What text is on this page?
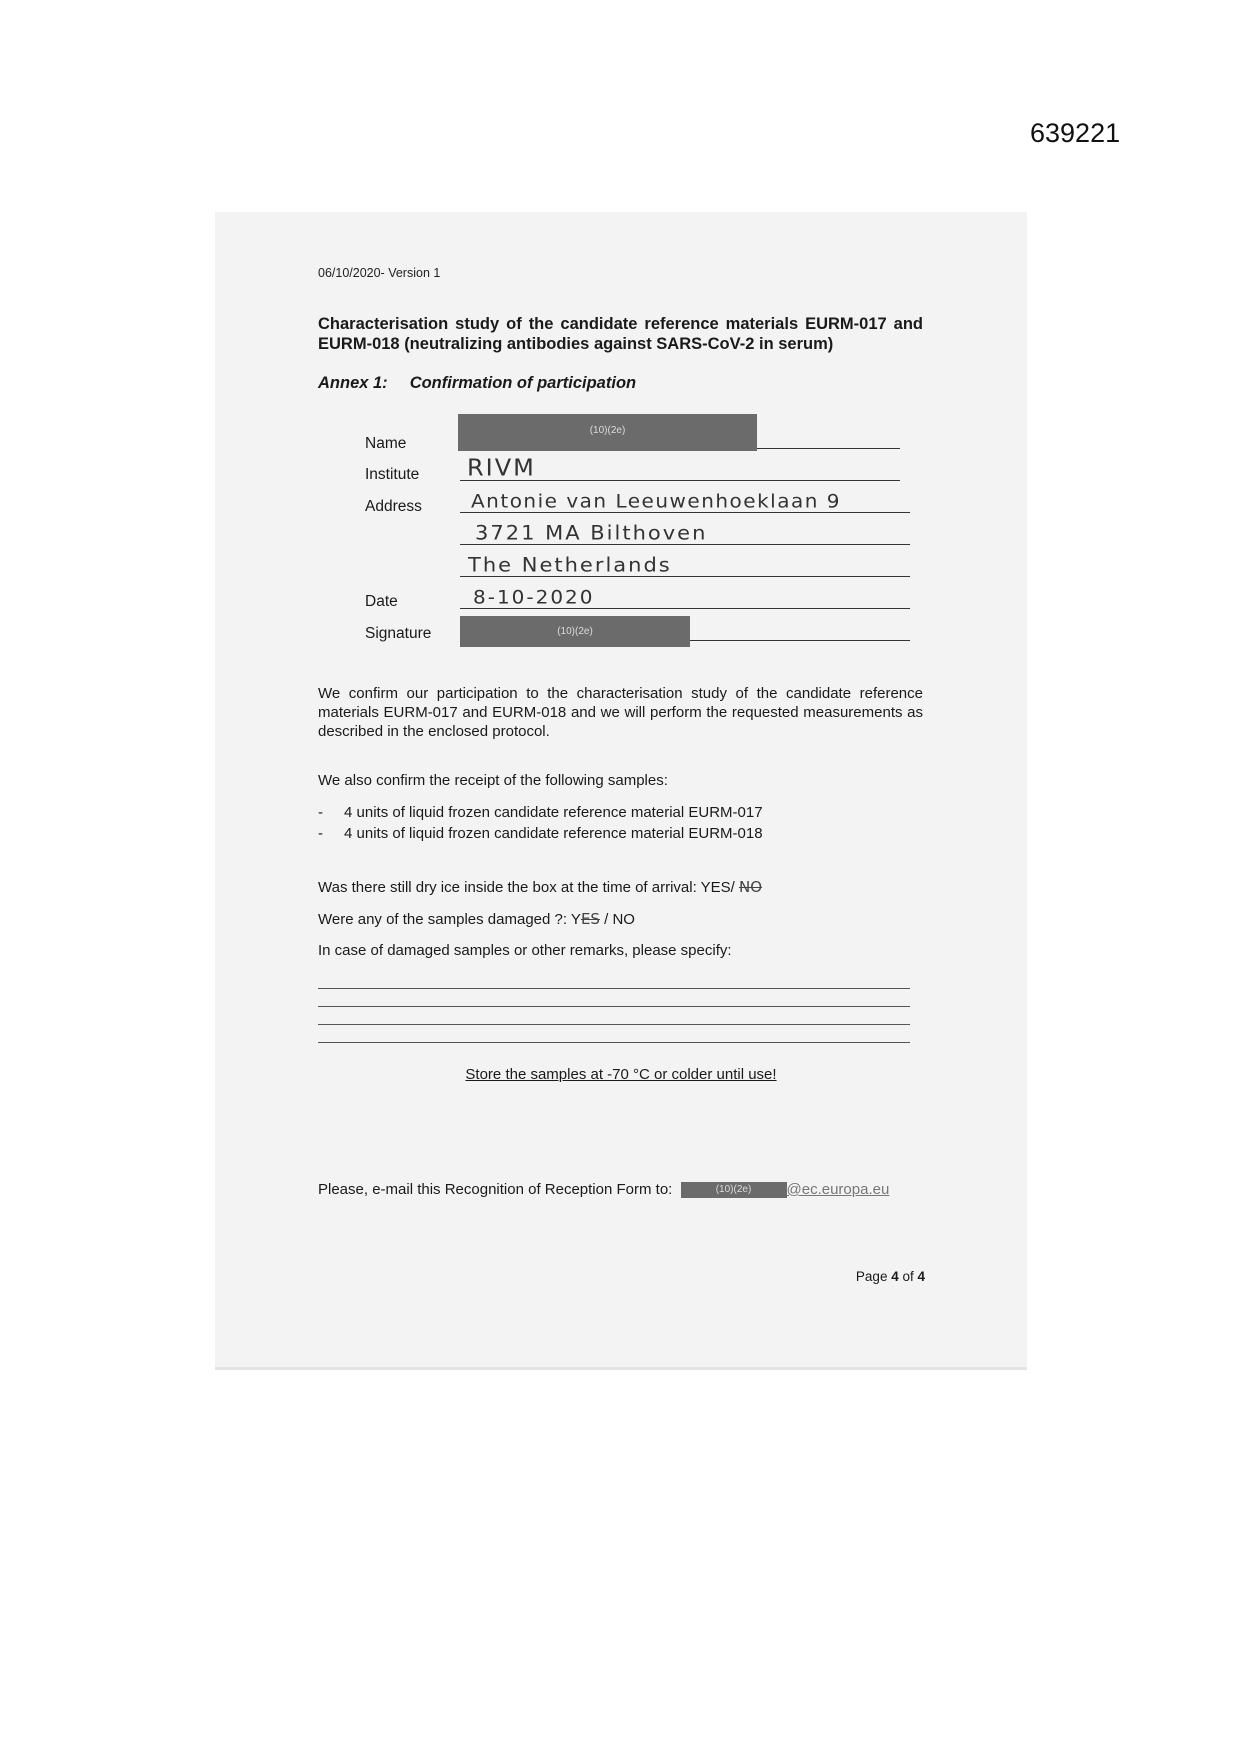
639221
06/10/2020- Version 1
Characterisation study of the candidate reference materials EURM-017 and EURM-018 (neutralizing antibodies against SARS-CoV-2 in serum)
Annex 1: Confirmation of participation
Name
Institute
Address
Date
Signature
(10)(2e)
(10)(2e)
RIVM
Antonie van Leeuwenhoeklaan 9
3721 MA Bilthoven
The Netherlands
8-10-2020
We confirm our participation to the characterisation study of the candidate reference materials EURM-017 and EURM-018 and we will perform the requested measurements as described in the enclosed protocol.
We also confirm the receipt of the following samples:
- 4 units of liquid frozen candidate reference material EURM-017
- 4 units of liquid frozen candidate reference material EURM-018
Was there still dry ice inside the box at the time of arrival: YES/ NO
Were any of the samples damaged ?: YES / NO
In case of damaged samples or other remarks, please specify:
Store the samples at -70 °C or colder until use!
Please, e-mail this Recognition of Reception Form to:	(10)(2e) @ec.europa.eu
Page 4 of 4
